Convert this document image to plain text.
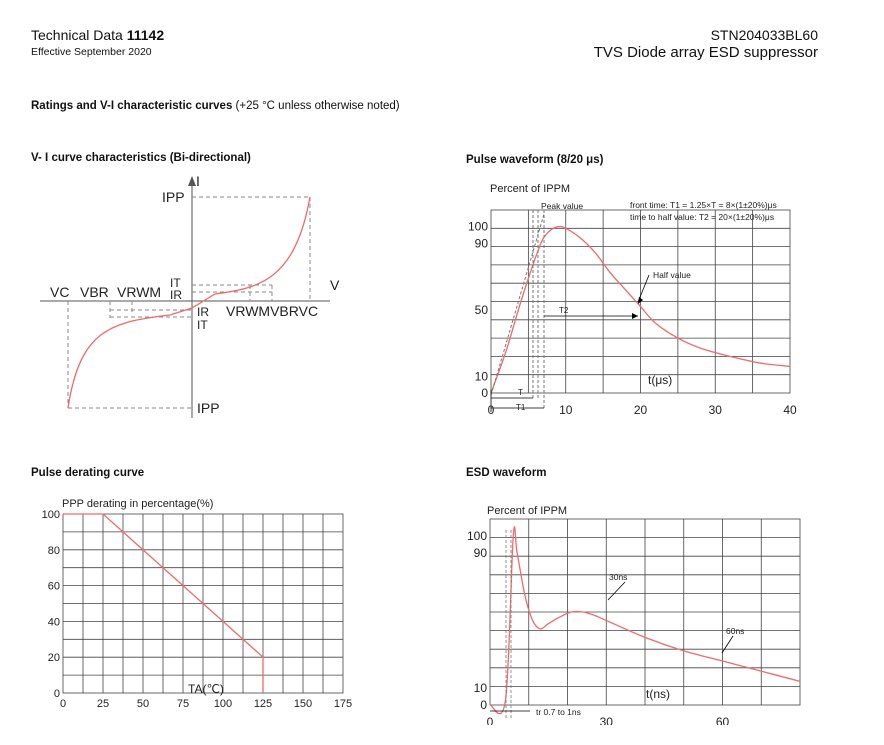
Technical Data 11142
Effective September 2020
STN204033BL60
TVS Diode array ESD suppressor
Ratings and V-I characteristic curves (+25 °C unless otherwise noted)
V- I curve characteristics (Bi-directional)	Pulse waveform (8/20 μs)
Pulse derating curve	ESD waveform
I
V
IPP
IPP
VC VBR VRWM
IT
IR
IR
IT
VRWMVBRVC
Percent of IPPM
Peak value
Half value
front time: T1 = 1.25×T = 8×(1±20%)μs
time to half value: T2 = 20×(1±20%)μs
t(μs)
T
T1
T2
0	10	20	30	40
0
10
50
90
100
PPP derating in percentage(%)
TA(℃)
0	25	50	75 100 125 150 175
0
20
40
60
80
100	Percent of IPPM
30ns
60ns
tr 0.7 to 1ns
t(ns)
0	30	60
0
10
90
100
